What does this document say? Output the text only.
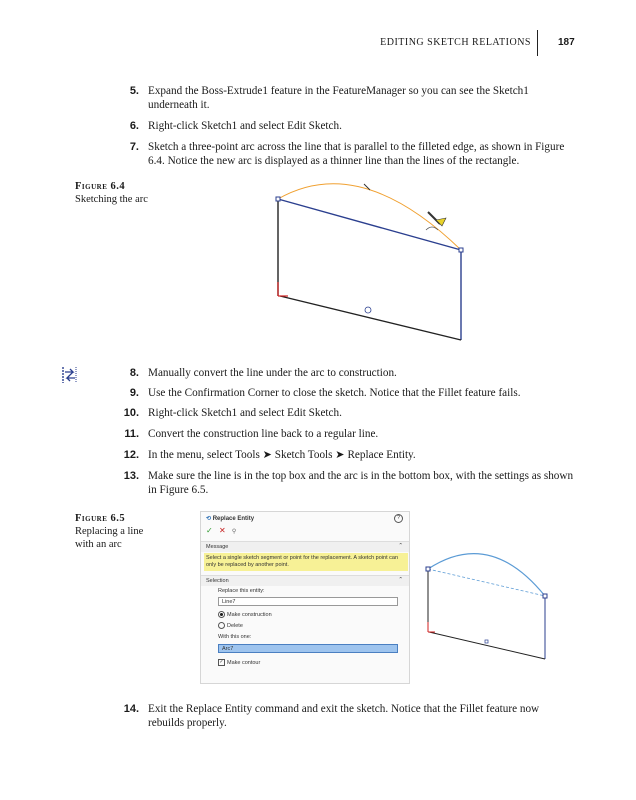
EDITING SKETCH RELATIONS	187
5. Expand the Boss-Extrude1 feature in the FeatureManager so you can see the Sketch1 underneath it.
6. Right-click Sketch1 and select Edit Sketch.
7. Sketch a three-point arc across the line that is parallel to the filleted edge, as shown in Figure 6.4. Notice the new arc is displayed as a thinner line than the lines of the rectangle.
Figure 6.4
Sketching the arc
8. Manually convert the line under the arc to construction.
9. Use the Confirmation Corner to close the sketch. Notice that the Fillet feature fails.
10. Right-click Sketch1 and select Edit Sketch.
11. Convert the construction line back to a regular line.
12. In the menu, select Tools ➤ Sketch Tools ➤ Replace Entity.
13. Make sure the line is in the top box and the arc is in the bottom box, with the settings as shown in Figure 6.5.
Figure 6.5
Replacing a line
with an arc
⟲ Replace Entity	?
✓ ✕ ⚲
Message	⌃
Select a single sketch segment or point for the replacement. A sketch point can only be replaced by another point.
Selection	⌃
Replace this entity:
Line7
Make construction
Delete
With this one:
Arc7
✓ Make contour
14. Exit the Replace Entity command and exit the sketch. Notice that the Fillet feature now rebuilds properly.
